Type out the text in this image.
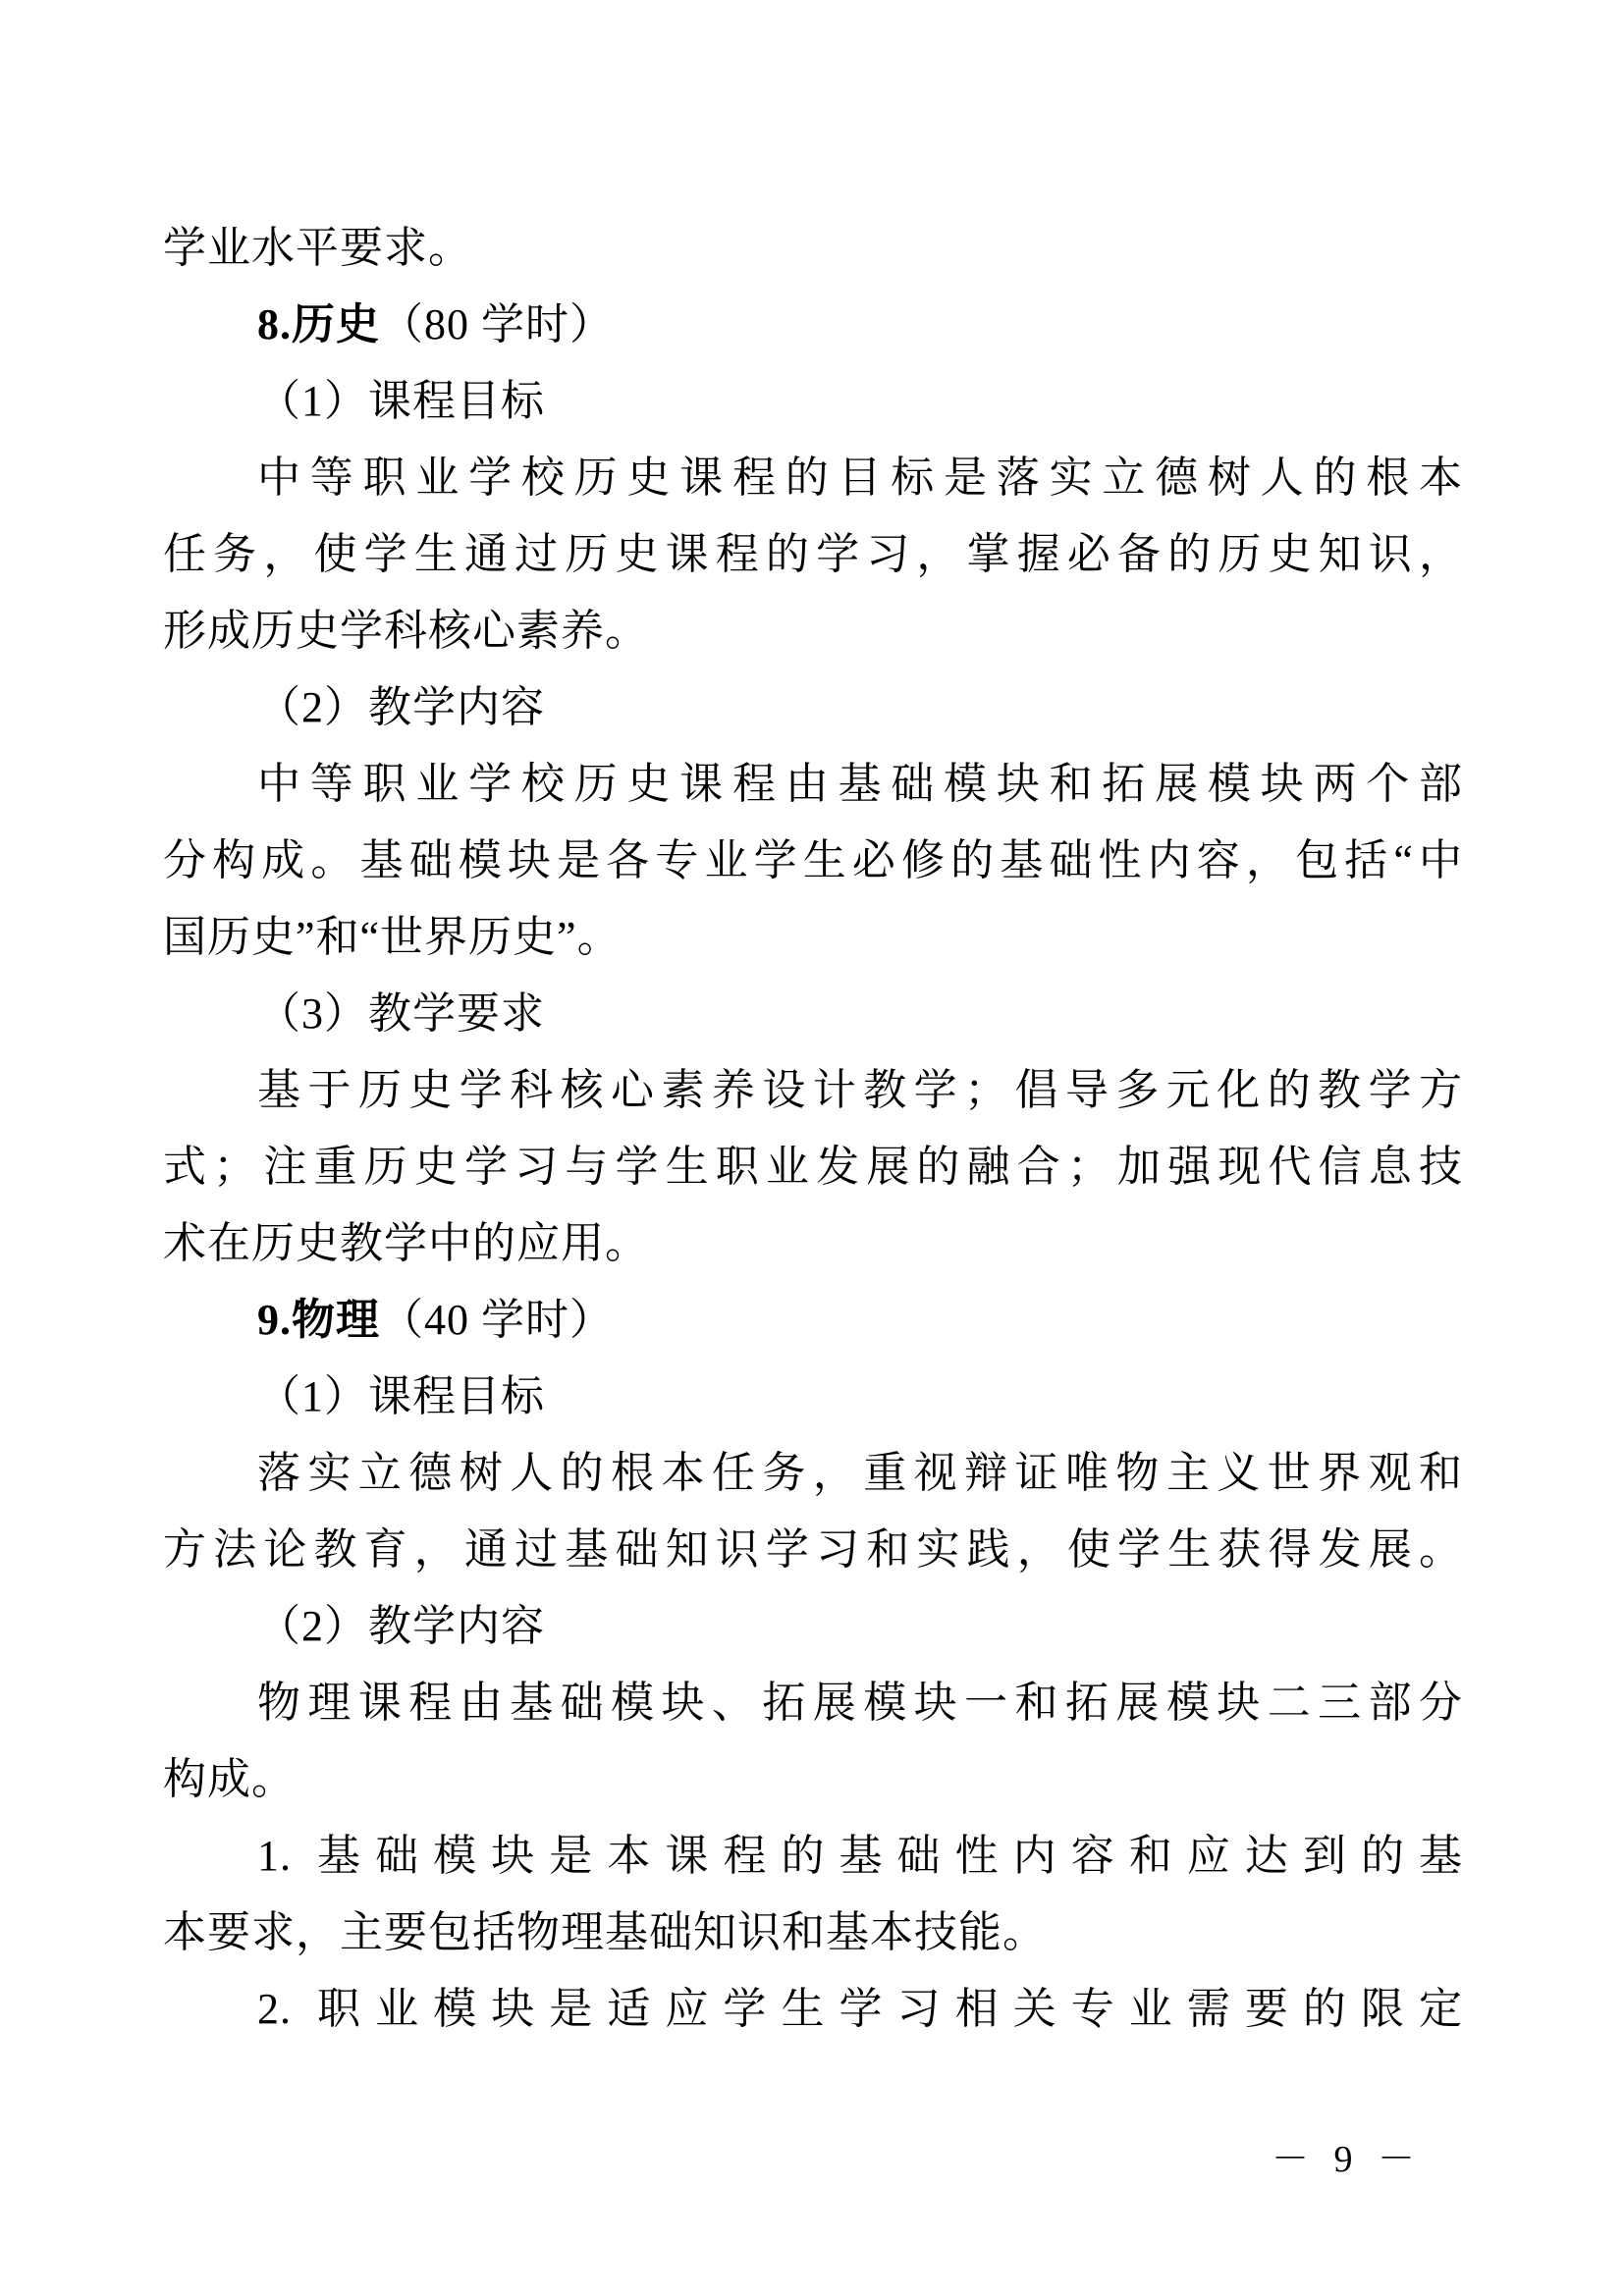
学业水平要求。
8.历史（80 学时）
（1）课程目标
中等职业学校历史课程的目标是落实立德树人的根本
任务，使学生通过历史课程的学习，掌握必备的历史知识，
形成历史学科核心素养。
（2）教学内容
中等职业学校历史课程由基础模块和拓展模块两个部
分构成。基础模块是各专业学生必修的基础性内容，包括“中
国历史”和“世界历史”。
（3）教学要求
基于历史学科核心素养设计教学；倡导多元化的教学方
式；注重历史学习与学生职业发展的融合；加强现代信息技
术在历史教学中的应用。
9.物理（40 学时）
（1）课程目标
落实立德树人的根本任务，重视辩证唯物主义世界观和
方法论教育，通过基础知识学习和实践，使学生获得发展。
（2）教学内容
物理课程由基础模块、拓展模块一和拓展模块二三部分
构成。
1. 基础模块是本课程的基础性内容和应达到的基
本要求，主要包括物理基础知识和基本技能。
2. 职业模块是适应学生学习相关专业需要的限定
－ 9 －
